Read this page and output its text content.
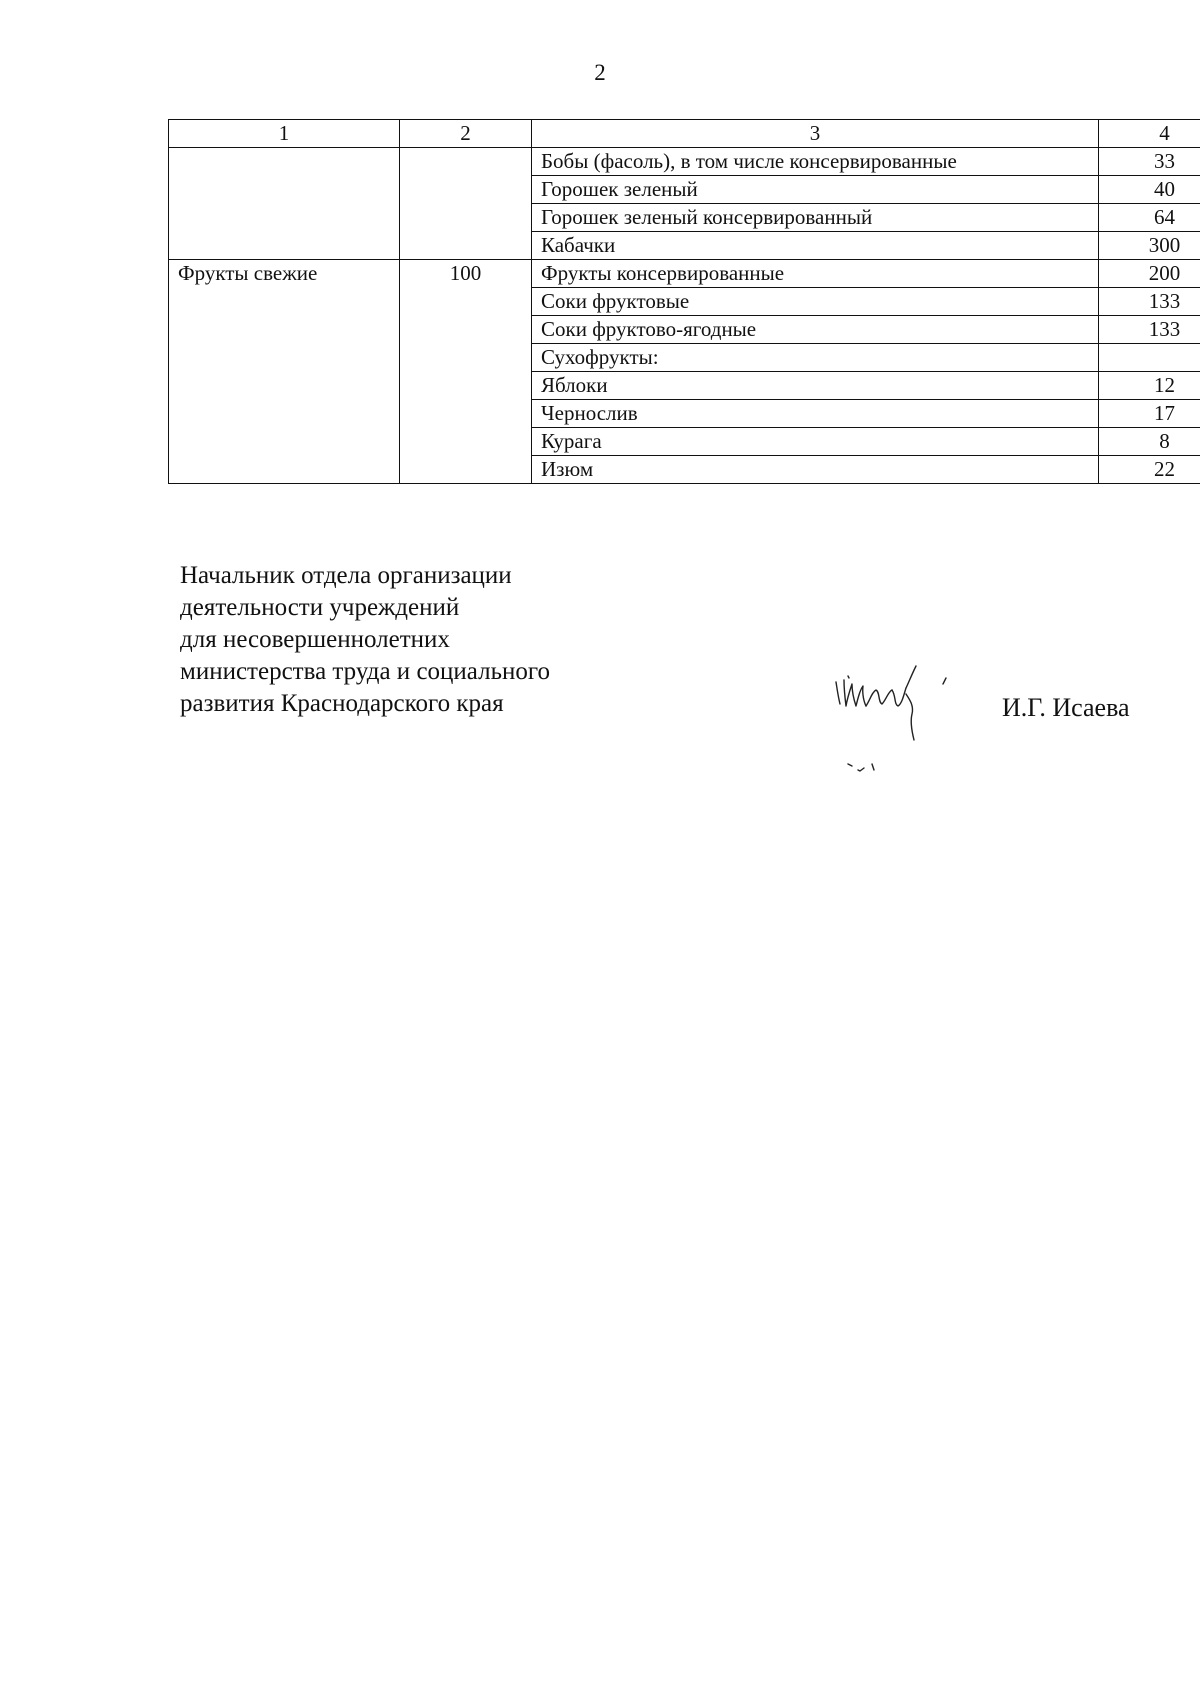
2
1	2	3	4
		Бобы (фасоль), в том числе консервированные	33
		Горошек зеленый	40
		Горошек зеленый консервированный	64
		Кабачки	300
Фрукты свежие	100	Фрукты консервированные	200
		Соки фруктовые	133
		Соки фруктово-ягодные	133
		Сухофрукты:	
		Яблоки	12
		Чернослив	17
		Курага	8
		Изюм	22
Начальник отдела организации
деятельности учреждений
для несовершеннолетних
министерства труда и социального
развития Краснодарского края	И.Г. Исаева
